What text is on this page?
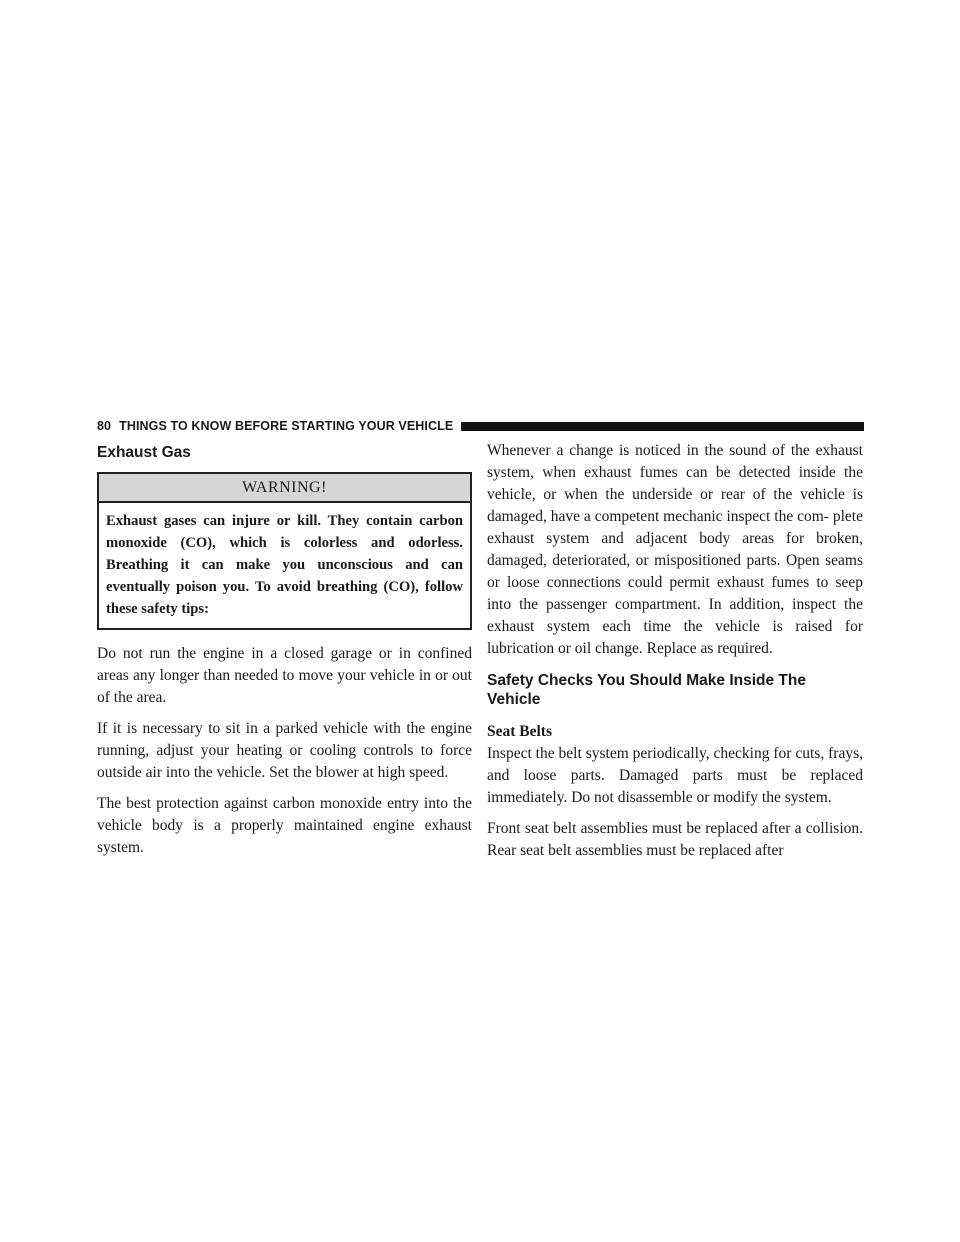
80 THINGS TO KNOW BEFORE STARTING YOUR VEHICLE
Exhaust Gas
WARNING!
Exhaust gases can injure or kill. They contain carbon monoxide (CO), which is colorless and odorless. Breathing it can make you unconscious and can eventually poison you. To avoid breathing (CO), follow these safety tips:

Do not run the engine in a closed garage or in confined areas any longer than needed to move your vehicle in or out of the area.

If it is necessary to sit in a parked vehicle with the engine running, adjust your heating or cooling controls to force outside air into the vehicle. Set the blower at high speed.

The best protection against carbon monoxide entry into the vehicle body is a properly maintained engine exhaust system.

Whenever a change is noticed in the sound of the exhaust system, when exhaust fumes can be detected inside the vehicle, or when the underside or rear of the vehicle is damaged, have a competent mechanic inspect the com- plete exhaust system and adjacent body areas for broken, damaged, deteriorated, or mispositioned parts. Open seams or loose connections could permit exhaust fumes to seep into the passenger compartment. In addition, inspect the exhaust system each time the vehicle is raised for lubrication or oil change. Replace as required.

Safety Checks You Should Make Inside The Vehicle
Seat Belts

Inspect the belt system periodically, checking for cuts, frays, and loose parts. Damaged parts must be replaced immediately. Do not disassemble or modify the system.

Front seat belt assemblies must be replaced after a collision. Rear seat belt assemblies must be replaced after
